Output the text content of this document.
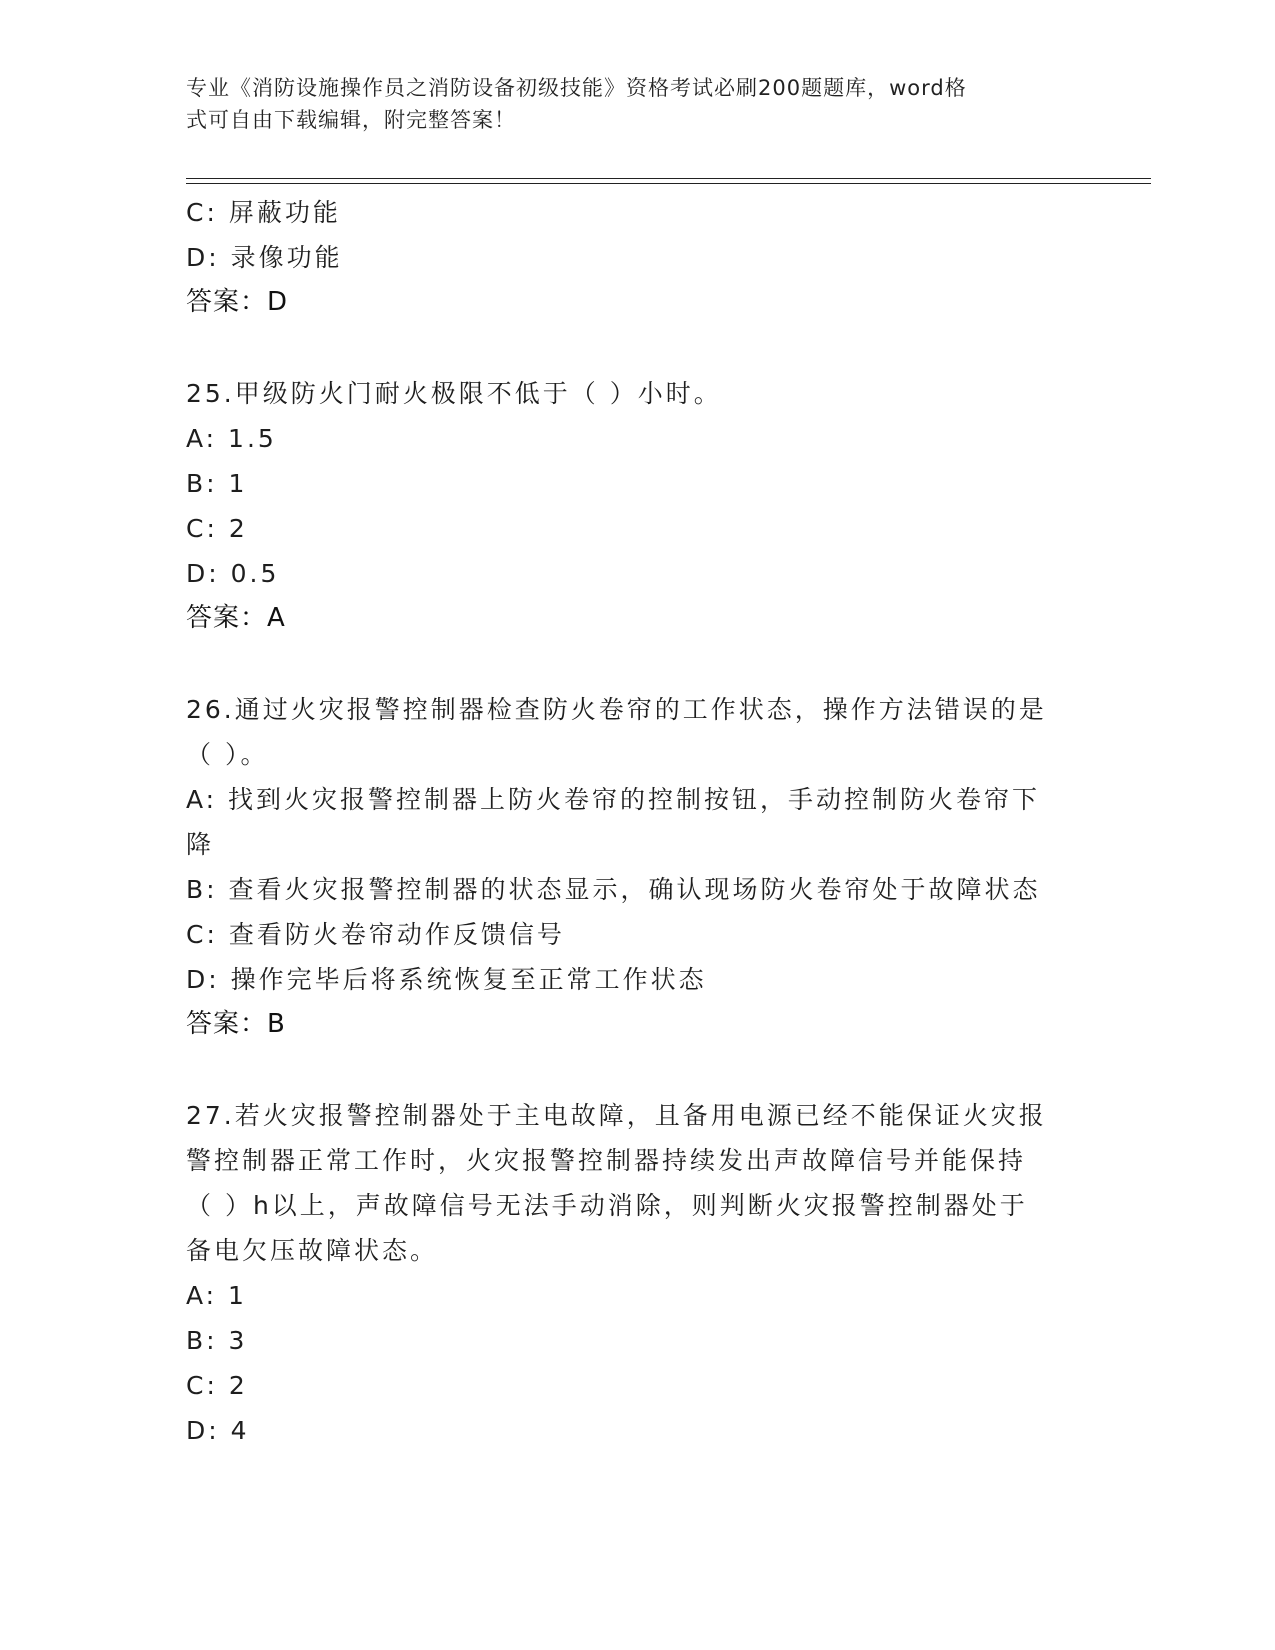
专业《消防设施操作员之消防设备初级技能》资格考试必刷200题题库，word格
式可自由下载编辑，附完整答案！
C: 屏蔽功能
D: 录像功能
答案：D
25.甲级防火门耐火极限不低于（ ）小时。
A: 1.5
B: 1
C: 2
D: 0.5
答案：A
26.通过火灾报警控制器检查防火卷帘的工作状态，操作方法错误的是
（ ）。
A: 找到火灾报警控制器上防火卷帘的控制按钮，手动控制防火卷帘下
降
B: 查看火灾报警控制器的状态显示，确认现场防火卷帘处于故障状态
C: 查看防火卷帘动作反馈信号
D: 操作完毕后将系统恢复至正常工作状态
答案：B
27.若火灾报警控制器处于主电故障，且备用电源已经不能保证火灾报
警控制器正常工作时，火灾报警控制器持续发出声故障信号并能保持
（ ）h以上，声故障信号无法手动消除，则判断火灾报警控制器处于
备电欠压故障状态。
A: 1
B: 3
C: 2
D: 4
